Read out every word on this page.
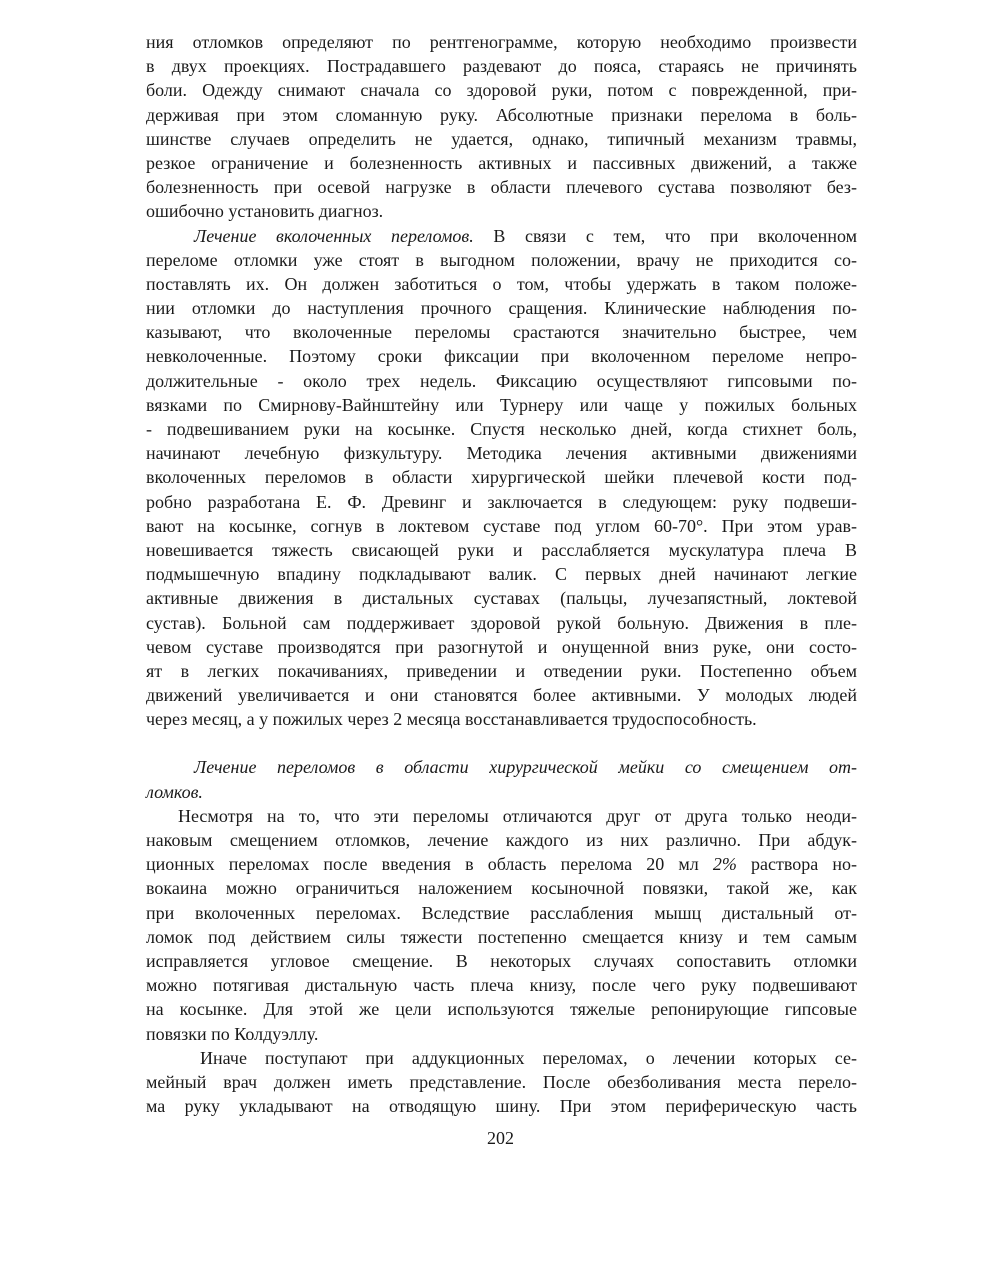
ния отломков определяют по рентгенограмме, которую необходимо произвести
в двух проекциях. Пострадавшего раздевают до пояса, стараясь не причинять
боли. Одежду снимают сначала со здоровой руки, потом с поврежденной, при-
держивая при этом сломанную руку. Абсолютные признаки перелома в боль-
шинстве случаев определить не удается, однако, типичный механизм травмы,
резкое ограничение и болезненность активных и пассивных движений, а также
болезненность при осевой нагрузке в области плечевого сустава позволяют без-
ошибочно установить диагноз.
Лечение вколоченных переломов. В связи с тем, что при вколоченном
переломе отломки уже стоят в выгодном положении, врачу не приходится со-
поставлять их. Он должен заботиться о том, чтобы удержать в таком положе-
нии отломки до наступления прочного сращения. Клинические наблюдения по-
казывают, что вколоченные переломы срастаются значительно быстрее, чем
невколоченные. Поэтому сроки фиксации при вколоченном переломе непро-
должительные - около трех недель. Фиксацию осуществляют гипсовыми по-
вязками по Смирнову-Вайнштейну или Турнеру или чаще у пожилых больных
- подвешиванием руки на косынке. Спустя несколько дней, когда стихнет боль,
начинают лечебную физкультуру. Методика лечения активными движениями
вколоченных переломов в области хирургической шейки плечевой кости под-
робно разработана Е. Ф. Древинг и заключается в следующем: руку подвеши-
вают на косынке, согнув в локтевом суставе под углом 60-70°. При этом урав-
новешивается тяжесть свисающей руки и расслабляется мускулатура плеча В
подмышечную впадину подкладывают валик. С первых дней начинают легкие
активные движения в дистальных суставах (пальцы, лучезапястный, локтевой
сустав). Больной сам поддерживает здоровой рукой больную. Движения в пле-
чевом суставе производятся при разогнутой и онущенной вниз руке, они состо-
ят в легких покачиваниях, приведении и отведении руки. Постепенно объем
движений увеличивается и они становятся более активными. У молодых людей
через месяц, а у пожилых через 2 месяца восстанавливается трудоспособность.
Лечение переломов в области хирургической мейки со смещением от-
ломков.
Несмотря на то, что эти переломы отличаются друг от друга только неоди-
наковым смещением отломков, лечение каждого из них различно. При абдук-
ционных переломах после введения в область перелома 20 мл 2% раствора но-
вокаина можно ограничиться наложением косыночной повязки, такой же, как
при вколоченных переломах. Вследствие расслабления мышц дистальный от-
ломок под действием силы тяжести постепенно смещается книзу и тем самым
исправляется угловое смещение. В некоторых случаях сопоставить отломки
можно потягивая дистальную часть плеча книзу, после чего руку подвешивают
на косынке. Для этой же цели используются тяжелые репонирующие гипсовые
повязки по Колдуэллу.
Иначе поступают при аддукционных переломах, о лечении которых се-
мейный врач должен иметь представление. После обезболивания места перело-
ма руку укладывают на отводящую шину. При этом периферическую часть
202
